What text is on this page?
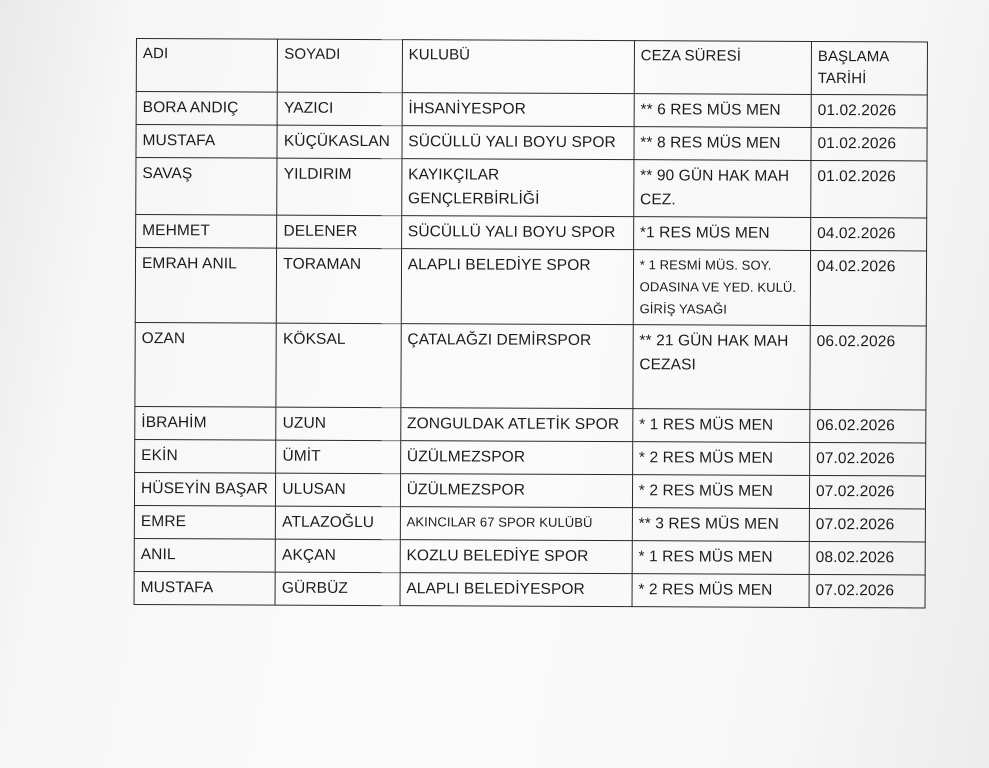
ADI	SOYADI	KULUBÜ	CEZA SÜRESİ	BAŞLAMA TARİHİ
BORA ANDIÇ	YAZICI	İHSANİYESPOR	** 6 RES MÜS MEN	01.02.2026
MUSTAFA	KÜÇÜKASLAN	SÜCÜLLÜ YALI BOYU SPOR	** 8 RES MÜS MEN	01.02.2026
SAVAŞ	YILDIRIM	KAYIKÇILAR GENÇLERBİRLİĞİ	** 90 GÜN HAK MAH CEZ.	01.02.2026
MEHMET	DELENER	SÜCÜLLÜ YALI BOYU SPOR	*1 RES MÜS MEN	04.02.2026
EMRAH ANIL	TORAMAN	ALAPLI BELEDİYE SPOR	* 1 RESMİ MÜS. SOY. ODASINA VE YED. KULÜ. GİRİŞ YASAĞI	04.02.2026
OZAN	KÖKSAL	ÇATALAĞZI DEMİRSPOR	** 21 GÜN HAK MAH CEZASI	06.02.2026
İBRAHİM	UZUN	ZONGULDAK ATLETİK SPOR	* 1 RES MÜS MEN	06.02.2026
EKİN	ÜMİT	ÜZÜLMEZSPOR	* 2 RES MÜS MEN	07.02.2026
HÜSEYİN BAŞAR	ULUSAN	ÜZÜLMEZSPOR	* 2 RES MÜS MEN	07.02.2026
EMRE	ATLAZOĞLU	AKINCILAR 67 SPOR KULÜBÜ	** 3 RES MÜS MEN	07.02.2026
ANIL	AKÇAN	KOZLU BELEDİYE SPOR	* 1 RES MÜS MEN	08.02.2026
MUSTAFA	GÜRBÜZ	ALAPLI BELEDİYESPOR	* 2 RES MÜS MEN	07.02.2026
